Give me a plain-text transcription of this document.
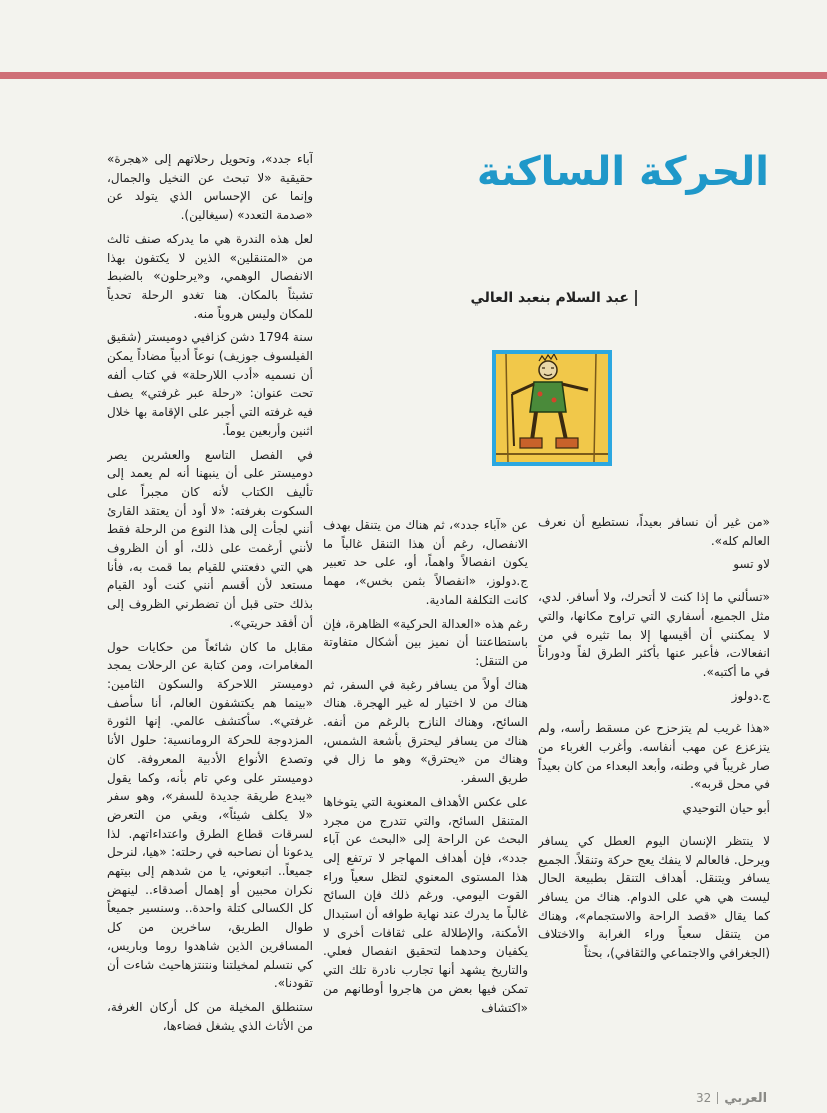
الحركة الساكنة
عبد السلام بنعبد العالي

«من غير أن نسافر بعيداً، نستطيع أن نعرف العالم كله».

لاو تسو

«تسألني ما إذا كنت لا أتحرك، ولا أسافر. لدي، مثل الجميع، أسفاري التي تراوح مكانها، والتي لا يمكنني أن أقيسها إلا بما تثيره في من انفعالات، فأعبر عنها بأكثر الطرق لفاً ودوراناً في ما أكتبه».

ج.دولوز

«هذا غريب لم يتزحزح عن مسقط رأسه، ولم يتزعزع عن مهب أنفاسه. وأغرب الغرباء من صار غريباً في وطنه، وأبعد البعداء من كان بعيداً في محل قربه».

أبو حيان التوحيدي

لا ينتظر الإنسان اليوم العطل كي يسافر ويرحل. فالعالم لا ينفك يعج حركة وتنقلاً. الجميع يسافر ويتنقل. أهداف التنقل بطبيعة الحال ليست هي هي على الدوام. هناك من يسافر كما يقال «قصد الراحة والاستجمام»، وهناك من يتنقل سعياً وراء الغرابة والاختلاف (الجغرافي والاجتماعي والثقافي)، بحثاً

عن «آباء جدد»، ثم هناك من يتنقل بهدف الانفصال، رغم أن هذا التنقل غالباً ما يكون انفصالاً واهماً، أو، على حد تعبير ج.دولوز، «انفصالاً بثمن بخس»، مهما كانت التكلفة المادية.

رغم هذه «العدالة الحركية» الظاهرة، فإن باستطاعتنا أن نميز بين أشكال متفاوتة من التنقل:

هناك أولاً من يسافر رغبة في السفر، ثم هناك من لا اختيار له غير الهجرة. هناك السائح، وهناك النازح بالرغم من أنفه. هناك من يسافر ليحترق بأشعة الشمس، وهناك من «يحترق» وهو ما زال في طريق السفر.

على عكس الأهداف المعنوية التي يتوخاها المتنقل السائح، والتي تتدرج من مجرد البحث عن الراحة إلى «البحث عن آباء جدد»، فإن أهداف المهاجر لا ترتفع إلى هذا المستوى المعنوي لتظل سعياً وراء القوت اليومي. ورغم ذلك فإن السائح غالباً ما يدرك عند نهاية طوافه أن استبدال الأمكنة، والإطلالة على ثقافات أخرى لا يكفيان وحدهما لتحقيق انفصال فعلي. والتاريخ يشهد أنها تجارب نادرة تلك التي تمكن فيها بعض من هاجروا أوطانهم من «اكتشاف

آباء جدد»، وتحويل رحلاتهم إلى «هجرة» حقيقية «لا تبحث عن النخيل والجمال، وإنما عن الإحساس الذي يتولد عن «صدمة التعدد» (سيغالين).

لعل هذه الندرة هي ما يدركه صنف ثالث من «المتنقلين» الذين لا يكتفون بهذا الانفصال الوهمي، و«يرحلون» بالضبط تشبثاً بالمكان. هنا تغدو الرحلة تحدياً للمكان وليس هروباً منه.

سنة 1794 دشن كزافيي دوميستر (شقيق الفيلسوف جوزيف) نوعاً أدبياً مضاداً يمكن أن نسميه «أدب اللارحلة» في كتاب ألفه تحت عنوان: «رحلة عبر غرفتي» يصف فيه غرفته التي أجبر على الإقامة بها خلال اثنين وأربعين يوماً.

في الفصل التاسع والعشرين يصر دوميستر على أن ينبهنا أنه لم يعمد إلى تأليف الكتاب لأنه كان مجبراً على السكوت بغرفته: «لا أود أن يعتقد القارئ أنني لجأت إلى هذا النوع من الرحلة فقط لأنني أرغمت على ذلك، أو أن الظروف هي التي دفعتني للقيام بما قمت به، فأنا مستعد لأن أقسم أنني كنت أود القيام بذلك حتى قبل أن تضطرني الظروف إلى أن أفقد حريتي».

مقابل ما كان شائعاً من حكايات حول المغامرات، ومن كتابة عن الرحلات يمجد دوميستر اللاحركة والسكون الثامين: «بينما هم يكتشفون العالم، أنا سأصف غرفتي». سأكتشف عالمي. إنها الثورة المزدوجة للحركة الرومانسية: حلول الأنا وتصدع الأنواع الأدبية المعروفة. كان دوميستر على وعي تام بأنه، وكما يقول «يبدع طريقة جديدة للسفر»، وهو سفر «لا يكلف شيئاً»، ويقي من التعرض لسرقات قطاع الطرق واعتداءاتهم. لذا يدعونا أن نصاحبه في رحلته: «هيا، لنرحل جميعاً.. اتبعوني، يا من شدهم إلى بيتهم نكران محبين أو إهمال أصدقاء.. لينهض كل الكسالى كتلة واحدة.. وسنسير جميعاً طوال الطريق، ساخرين من كل المسافرين الذين شاهدوا روما وباريس، كي نتسلم لمخيلتنا ونتنتزهاحيث شاءت أن تقودنا».

ستنطلق المخيلة من كل أركان الغرفة، من الأثاث الذي يشغل فضاءها،

العربي32
